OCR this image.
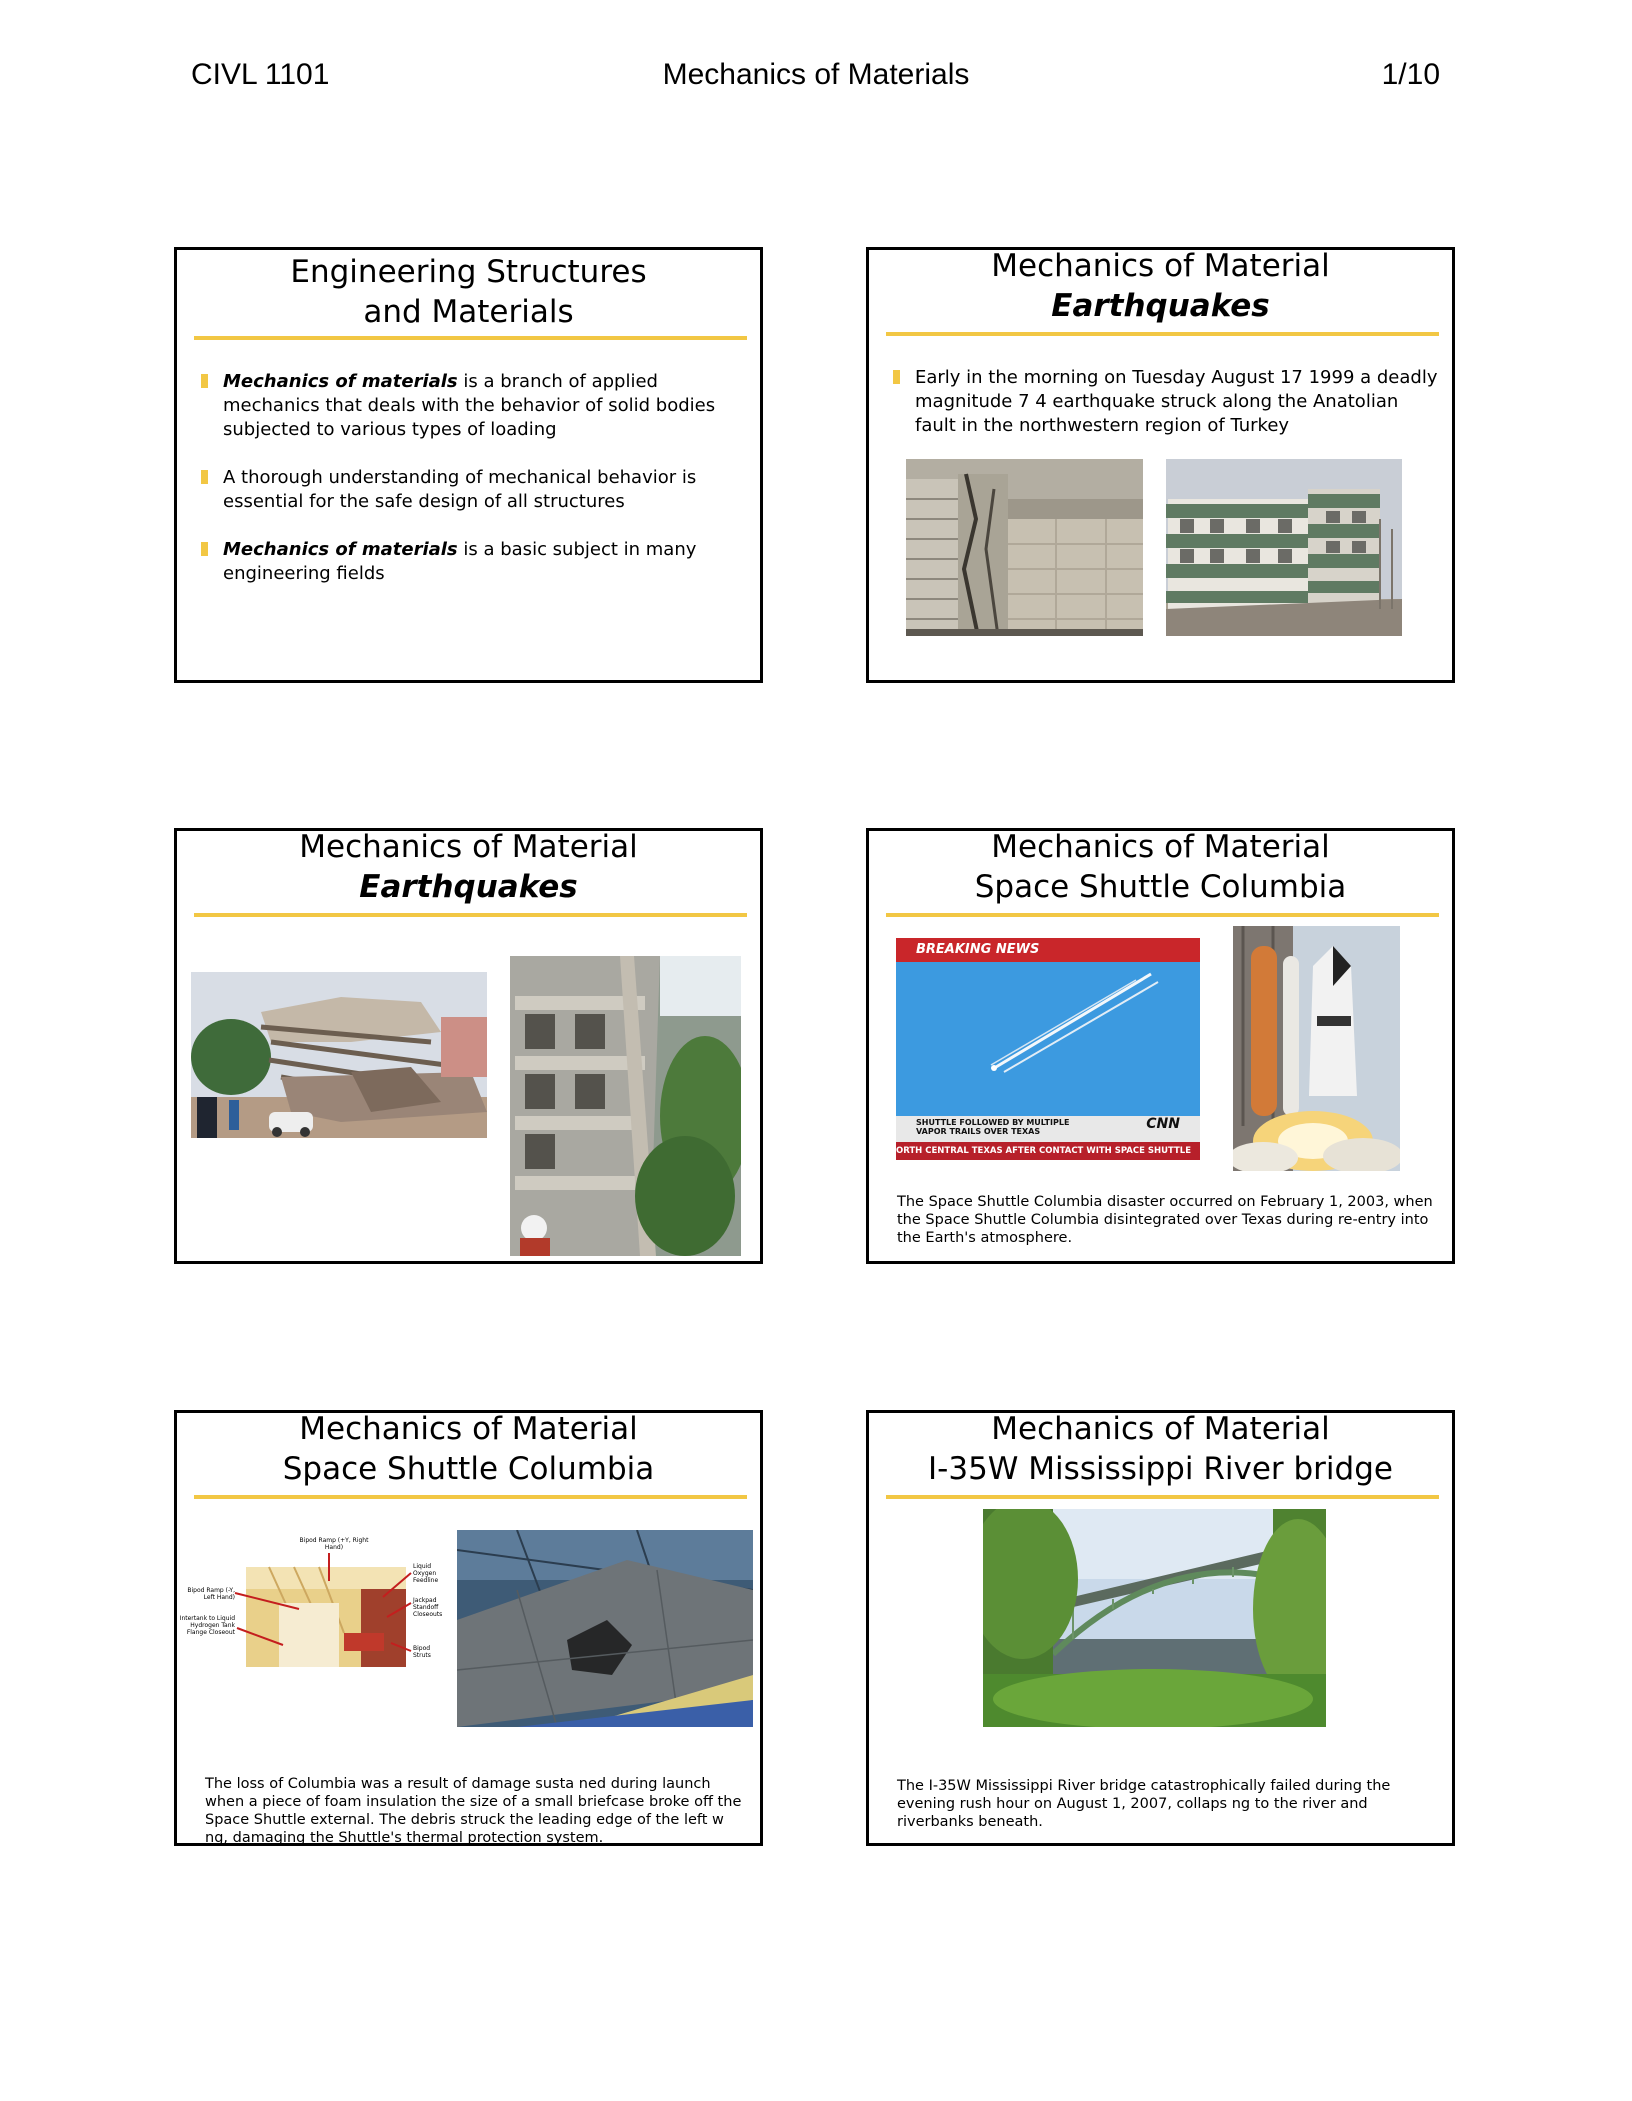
CIVL 1101	Mechanics of Materials	1/10
Engineering Structures
and Materials
Mechanics of materials is a branch of applied mechanics that deals with the behavior of solid bodies subjected to various types of loading
A thorough understanding of mechanical behavior is essential for the safe design of all structures
Mechanics of materials is a basic subject in many engineering fields
Mechanics of Material
Earthquakes
Early in the morning on Tuesday August 17 1999 a deadly magnitude 7 4 earthquake struck along the Anatolian fault in the northwestern region of Turkey
Mechanics of Material
Earthquakes
Mechanics of Material
Space Shuttle Columbia
BREAKING NEWS
SHUTTLE FOLLOWED BY MULTIPLE
VAPOR TRAILS OVER TEXAS	CNN
ORTH CENTRAL TEXAS AFTER CONTACT WITH SPACE SHUTTLE
The Space Shuttle Columbia disaster occurred on February 1, 2003, when the Space Shuttle Columbia disintegrated over Texas during re-entry into the Earth's atmosphere.
Mechanics of Material
Space Shuttle Columbia
Bipod Ramp (+Y, Right Hand)
Bipod Ramp (-Y, Left Hand)
Intertank to Liquid Hydrogen Tank Flange Closeout
Liquid Oxygen Feedline
Jackpad Standoff Closeouts
Bipod Struts
The loss of Columbia was a result of damage susta ned during launch when a piece of foam insulation the size of a small briefcase broke off the Space Shuttle external. The debris struck the leading edge of the left w ng, damaging the Shuttle's thermal protection system.
Mechanics of Material
I-35W Mississippi River bridge
The I-35W Mississippi River bridge catastrophically failed during the evening rush hour on August 1, 2007, collaps ng to the river and riverbanks beneath.
